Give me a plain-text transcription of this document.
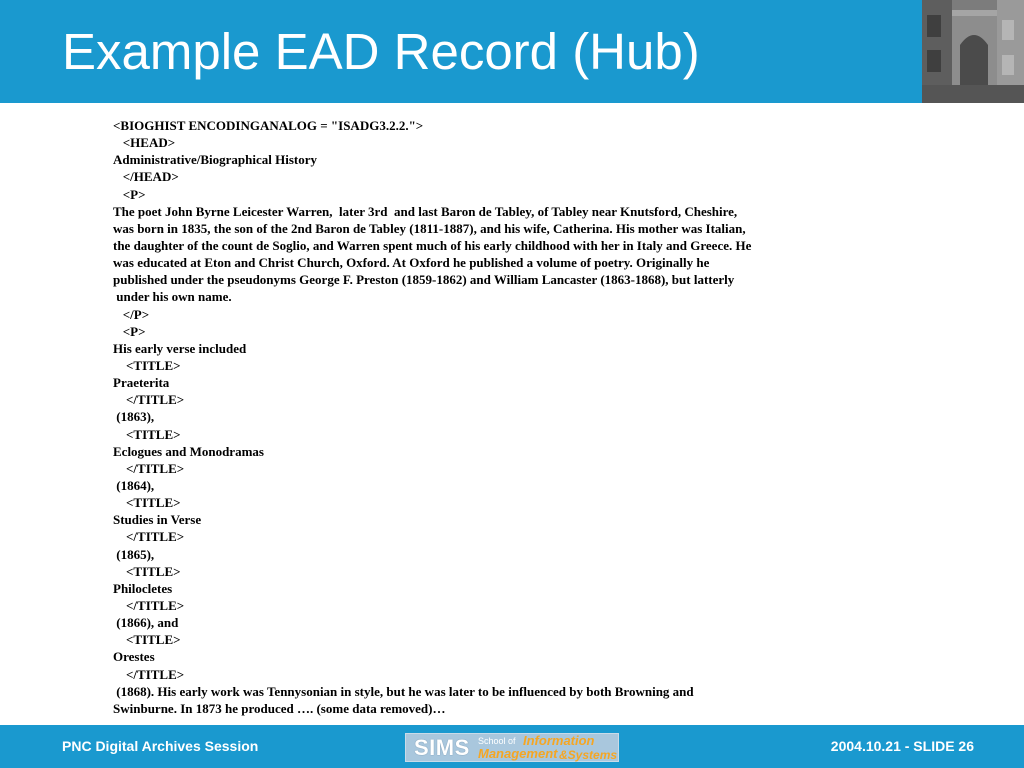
Example EAD Record (Hub)
<BIOGHIST ENCODINGANALOG = "ISADG3.2.2.">
<HEAD>
Administrative/Biographical History
</HEAD>
<P>
The poet John Byrne Leicester Warren,  later 3rd  and last Baron de Tabley, of Tabley near Knutsford, Cheshire,
was born in 1835, the son of the 2nd Baron de Tabley (1811-1887), and his wife, Catherina. His mother was Italian,
the daughter of the count de Soglio, and Warren spent much of his early childhood with her in Italy and Greece. He
was educated at Eton and Christ Church, Oxford. At Oxford he published a volume of poetry. Originally he
published under the pseudonyms George F. Preston (1859-1862) and William Lancaster (1863-1868), but latterly
under his own name.
</P>
<P>
His early verse included
<TITLE>
Praeterita
</TITLE>
(1863),
<TITLE>
Eclogues and Monodramas
</TITLE>
(1864),
<TITLE>
Studies in Verse
</TITLE>
(1865),
<TITLE>
Philocletes
</TITLE>
(1866), and
<TITLE>
Orestes
</TITLE>
(1868). His early work was Tennysonian in style, but he was later to be influenced by both Browning and
Swinburne. In 1873 he produced …. (some data removed)…
PNC Digital Archives Session	SIMS School of Information
Management &Systems
2004.10.21 - SLIDE 26
